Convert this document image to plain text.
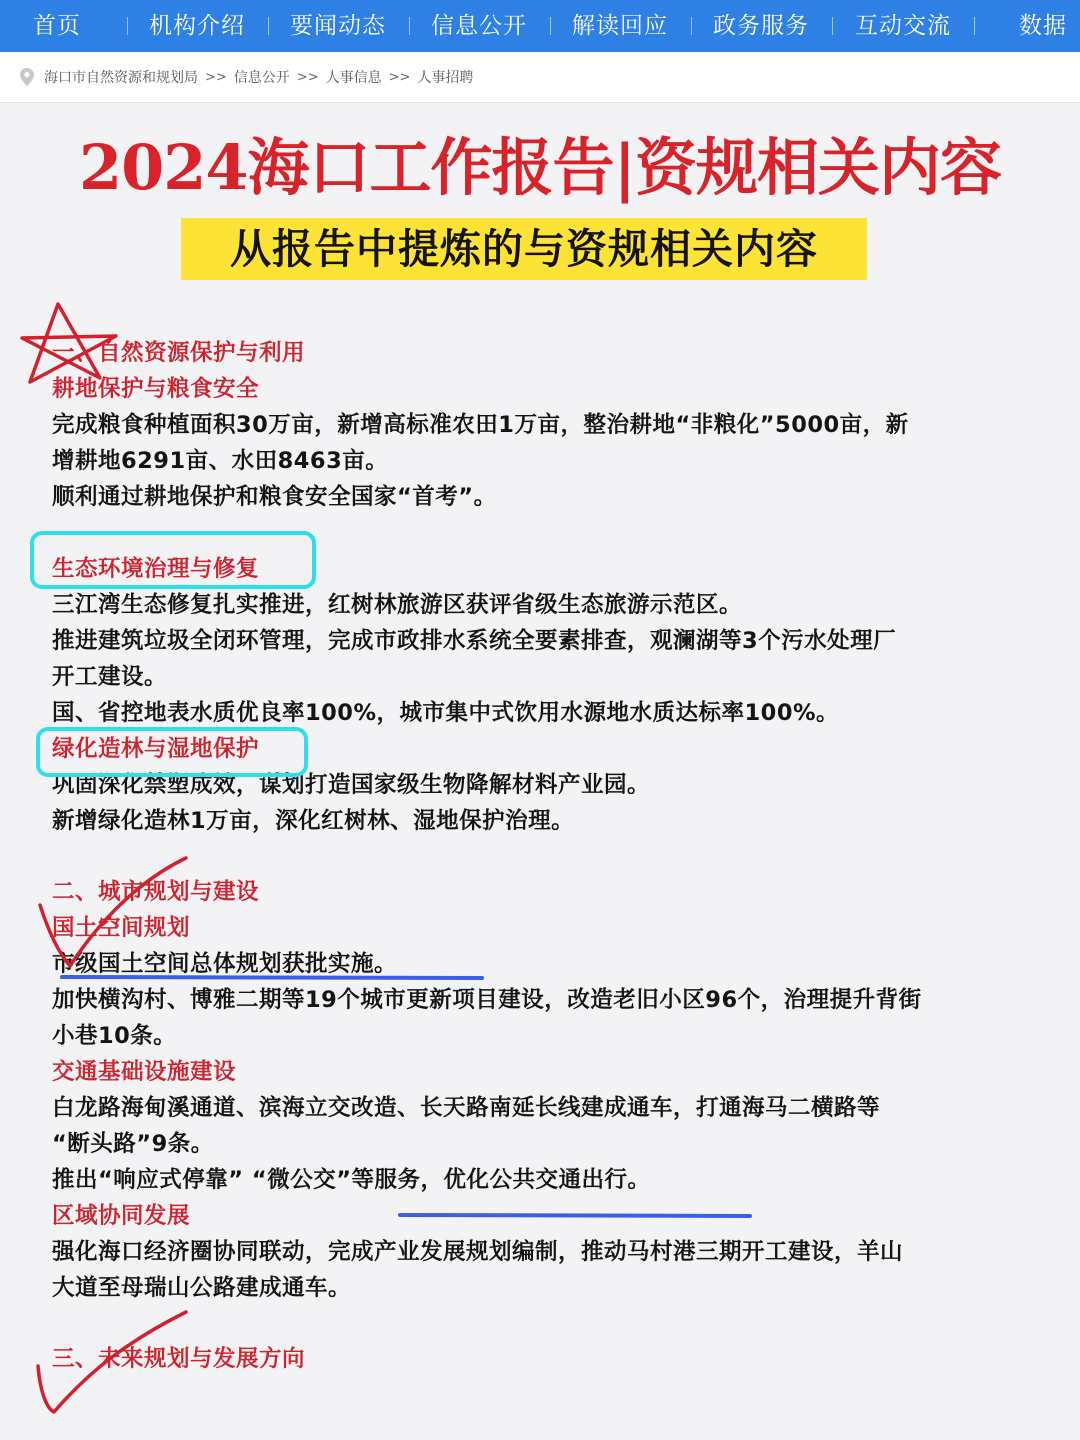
首页	机构介绍 要闻动态 信息公开 解读回应 政务服务 互动交流	数据
海口市自然资源和规划局 >> 信息公开 >> 人事信息 >> 人事招聘
2024海口工作报告|资规相关内容
从报告中提炼的与资规相关内容
一、自然资源保护与利用
耕地保护与粮食安全
完成粮食种植面积30万亩，新增高标准农田1万亩，整治耕地“非粮化”5000亩，新
增耕地6291亩、水田8463亩。
顺利通过耕地保护和粮食安全国家“首考”。
生态环境治理与修复
三江湾生态修复扎实推进，红树林旅游区获评省级生态旅游示范区。
推进建筑垃圾全闭环管理，完成市政排水系统全要素排查，观澜湖等3个污水处理厂
开工建设。
国、省控地表水质优良率100%，城市集中式饮用水源地水质达标率100%。
绿化造林与湿地保护
巩固深化禁塑成效，谋划打造国家级生物降解材料产业园。
新增绿化造林1万亩，深化红树林、湿地保护治理。
二、城市规划与建设
国土空间规划
市级国土空间总体规划获批实施。
加快横沟村、博雅二期等19个城市更新项目建设，改造老旧小区96个，治理提升背街
小巷10条。
交通基础设施建设
白龙路海甸溪通道、滨海立交改造、长天路南延长线建成通车，打通海马二横路等
“断头路”9条。
推出“响应式停靠” “微公交”等服务，优化公共交通出行。
区域协同发展
强化海口经济圈协同联动，完成产业发展规划编制，推动马村港三期开工建设，羊山
大道至母瑞山公路建成通车。
三、未来规划与发展方向
